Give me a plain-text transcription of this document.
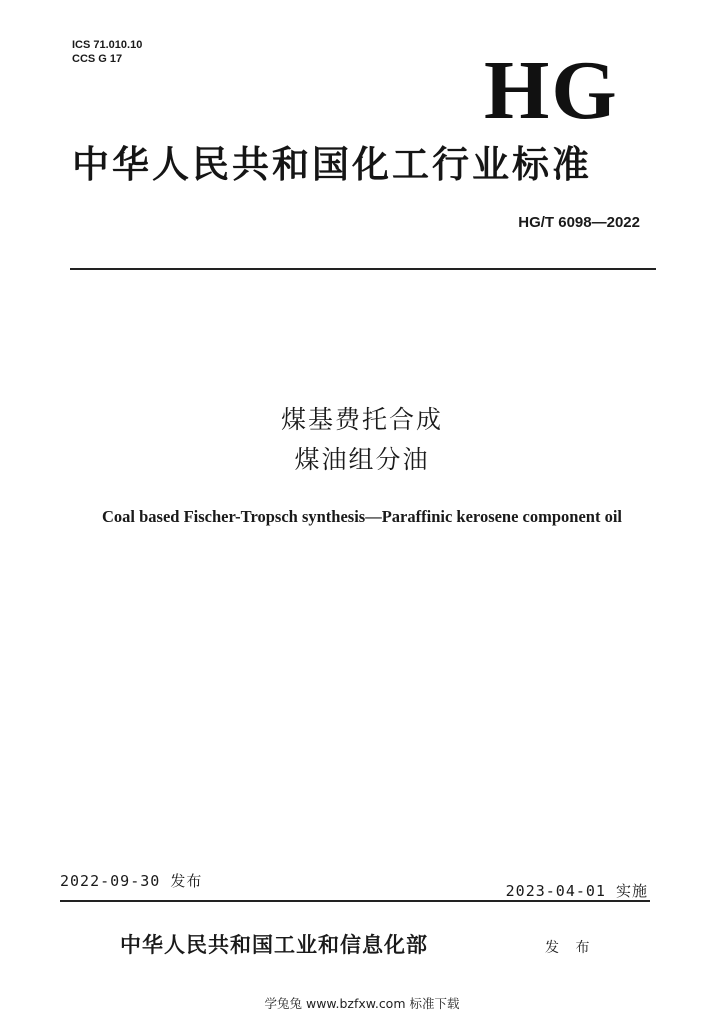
ICS 71.010.10
CCS G 17	HG
中华人民共和国化工行业标准
HG/T 6098—2022
煤基费托合成
煤油组分油
Coal based Fischer-Tropsch synthesis—Paraffinic kerosene component oil
2022-09-30 发布
2023-04-01 实施
中华人民共和国工业和信息化部	发 布
学兔兔 www.bzfxw.com 标准下载
